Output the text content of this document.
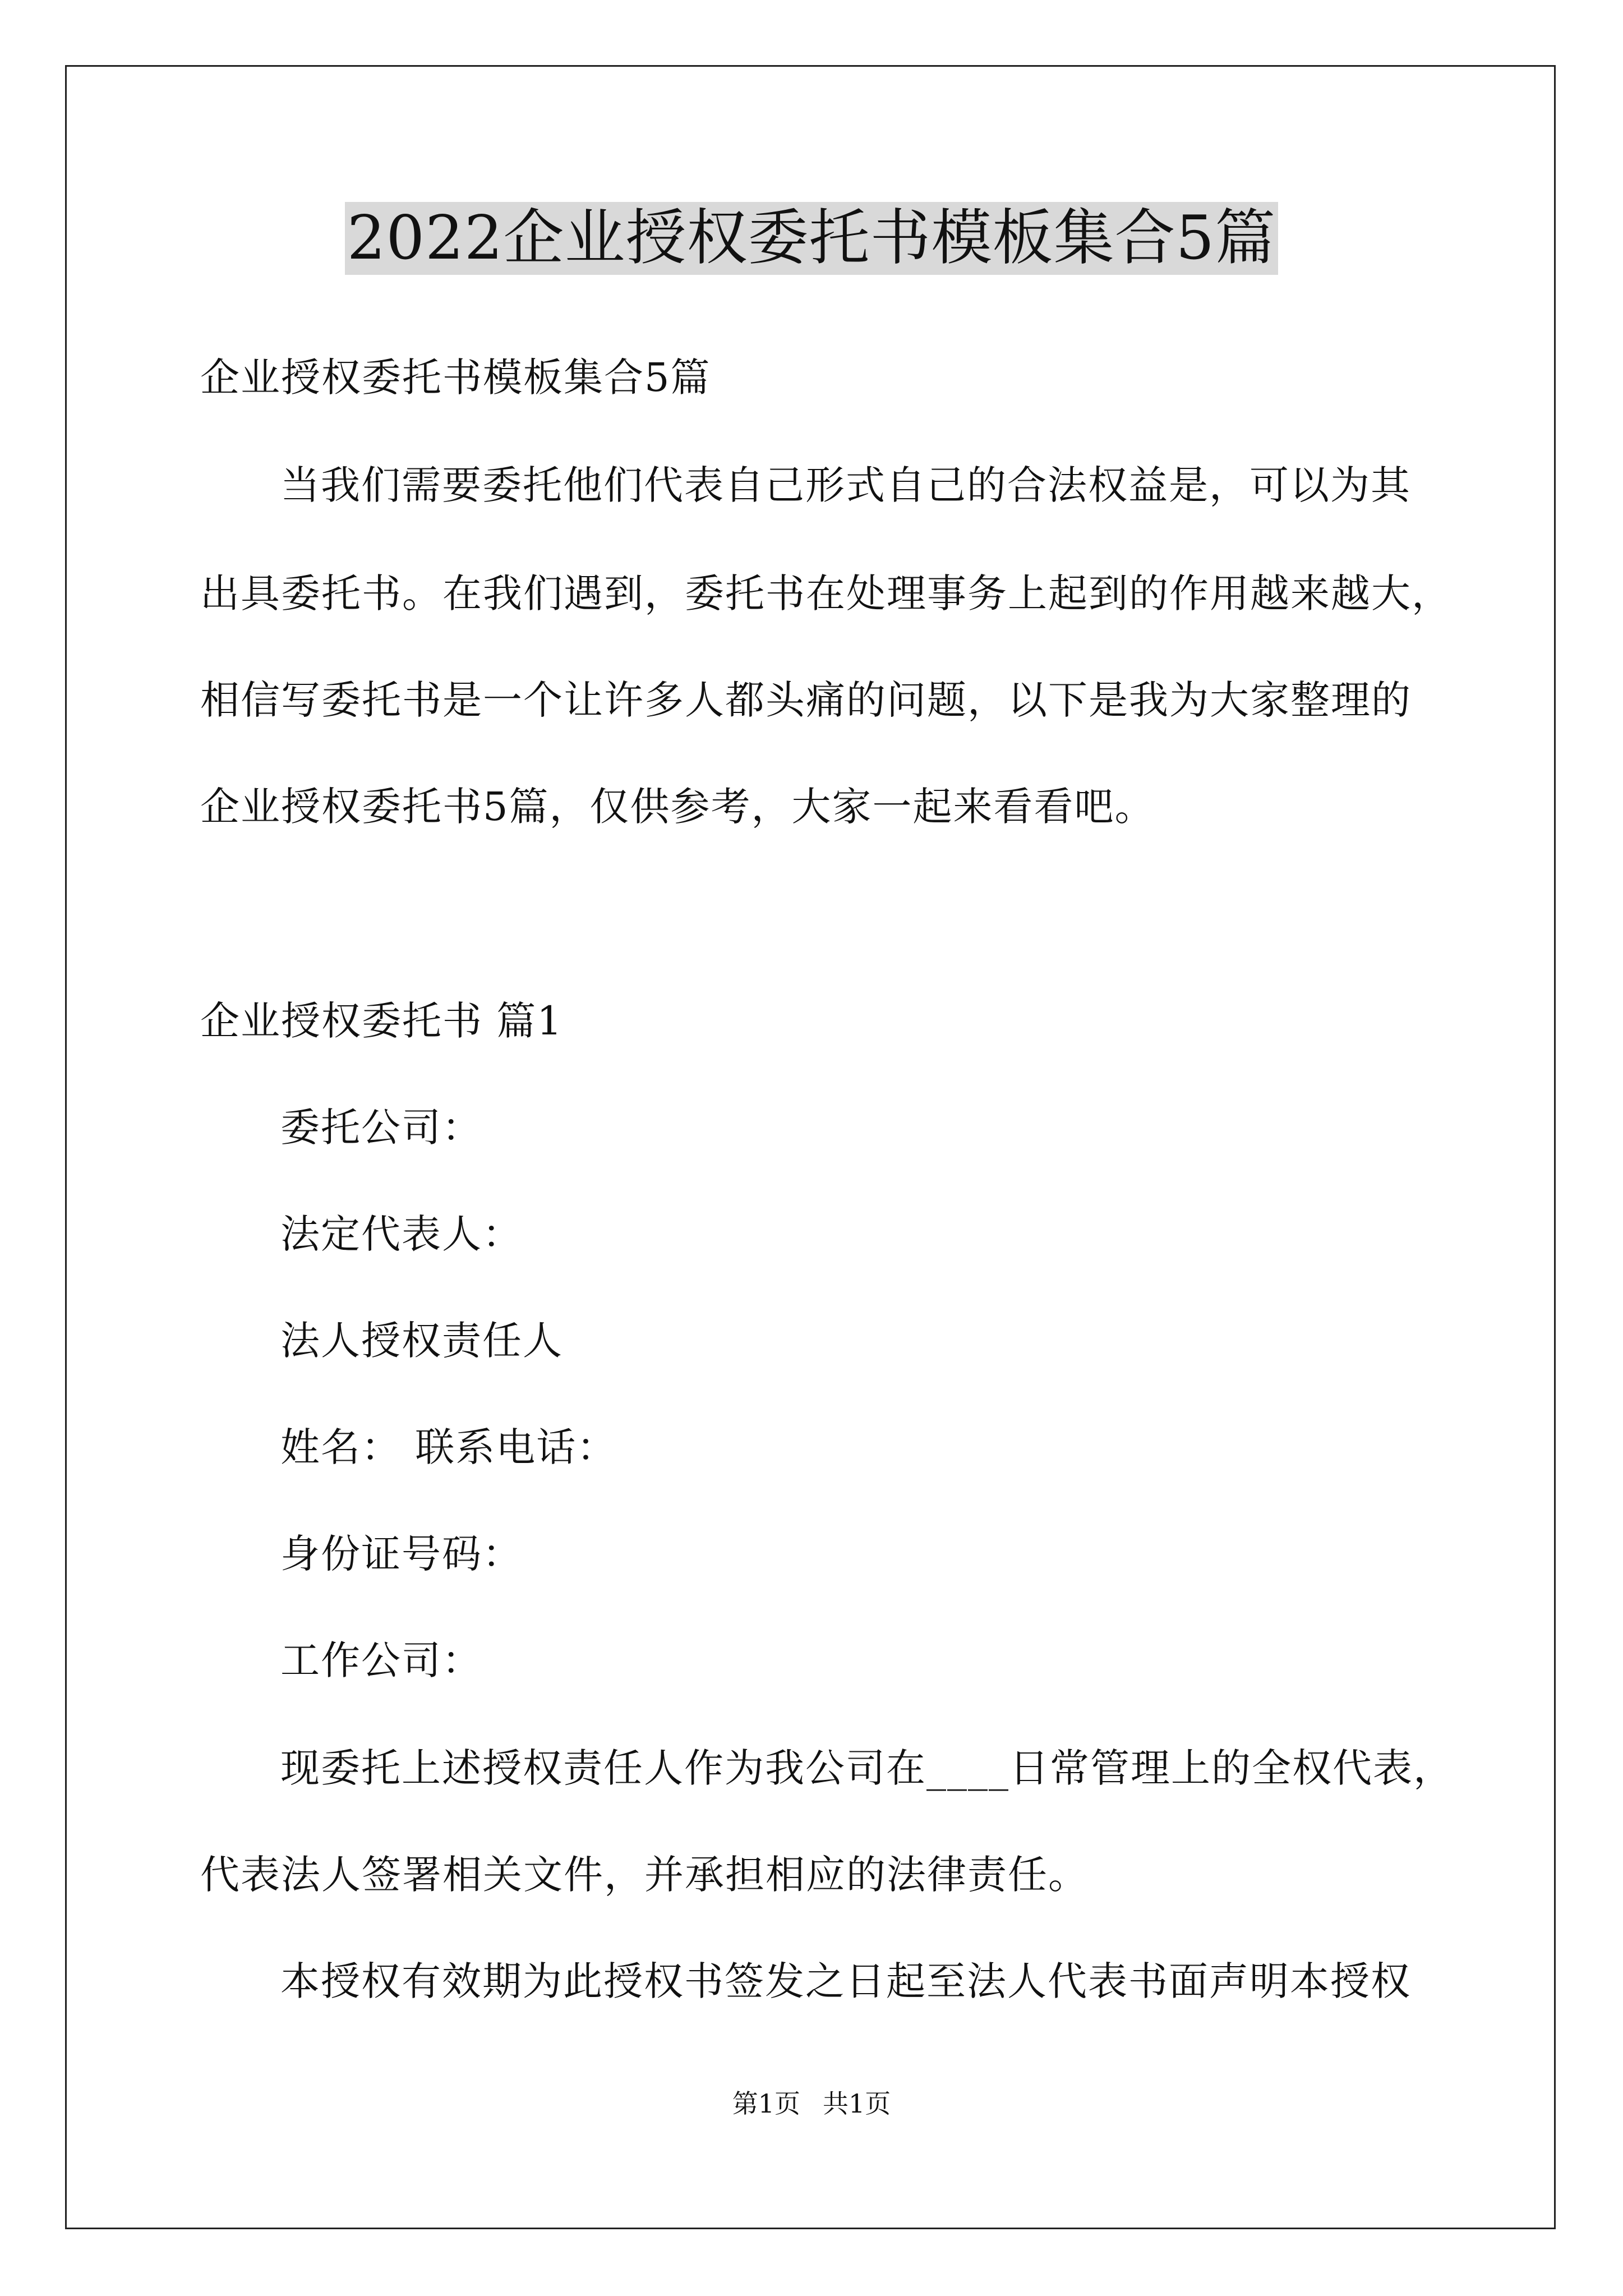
2022企业授权委托书模板集合5篇
企业授权委托书模板集合5篇
当我们需要委托他们代表自己形式自己的合法权益是，可以为其
出具委托书。在我们遇到，委托书在处理事务上起到的作用越来越大，
相信写委托书是一个让许多人都头痛的问题，以下是我为大家整理的
企业授权委托书5篇，仅供参考，大家一起来看看吧。
企业授权委托书 篇1
委托公司：
法定代表人：
法人授权责任人
姓名： 联系电话：
身份证号码：
工作公司：
现委托上述授权责任人作为我公司在____日常管理上的全权代表，
代表法人签署相关文件，并承担相应的法律责任。
本授权有效期为此授权书签发之日起至法人代表书面声明本授权
第1页 共1页
